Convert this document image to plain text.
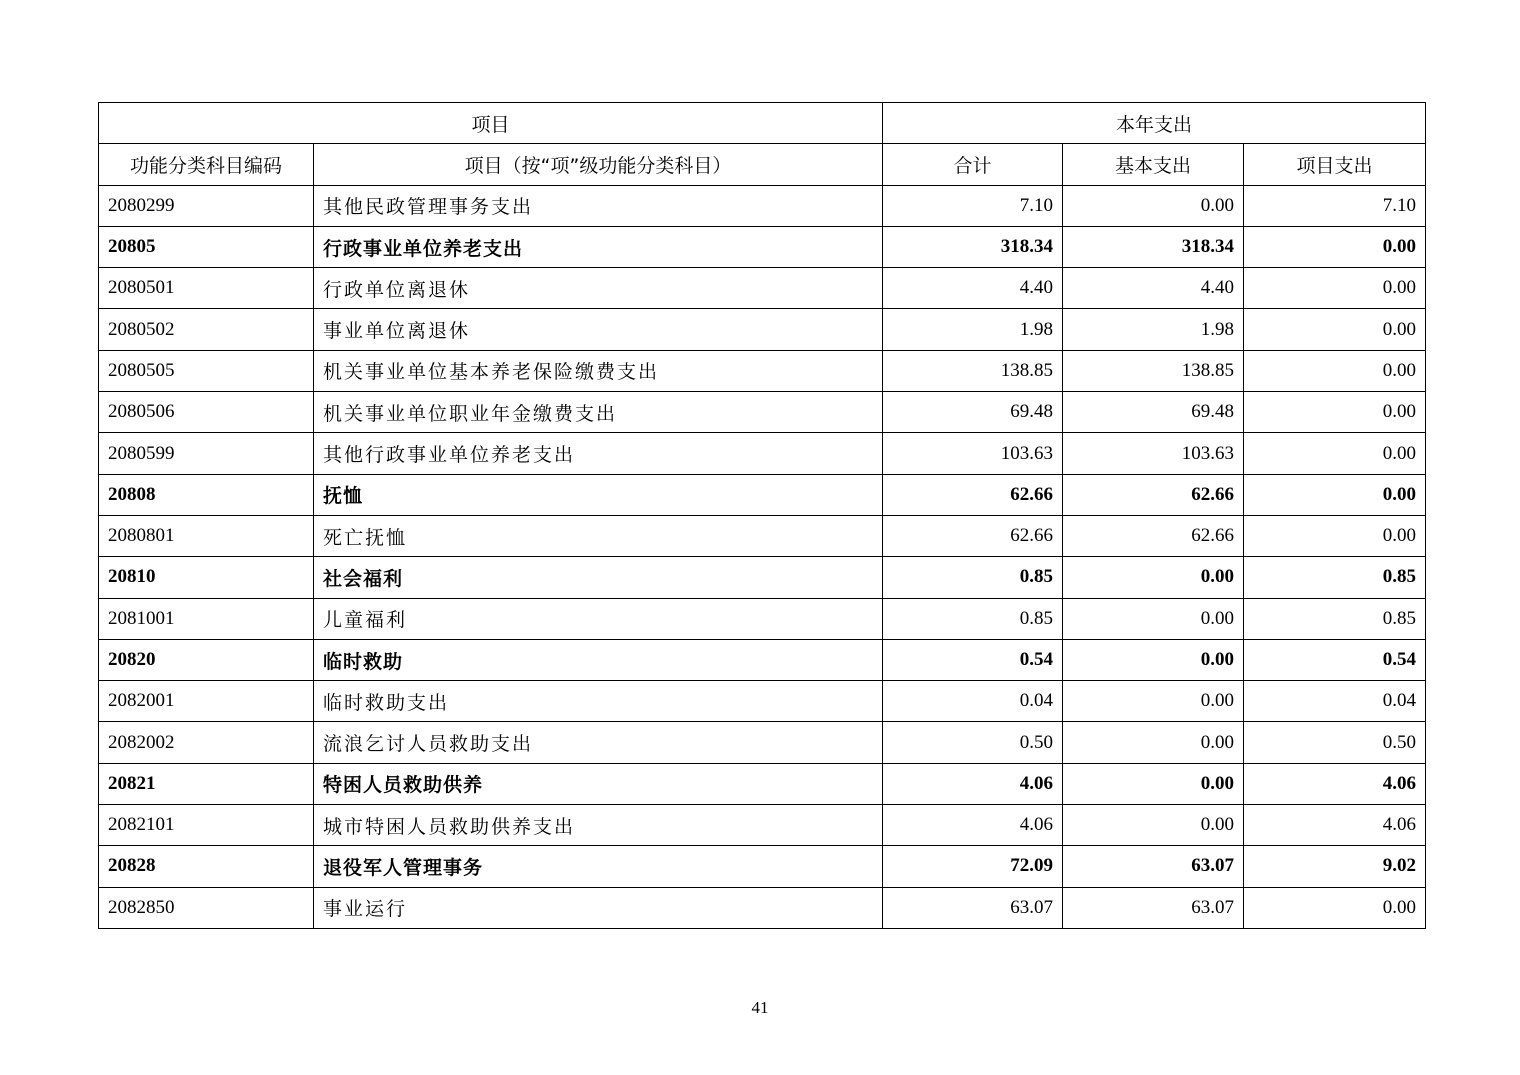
项目		本年支出		
功能分类科目编码	项目（按“项”级功能分类科目）	合计	基本支出	项目支出
2080299	其他民政管理事务支出	7.10	0.00	7.10
20805	行政事业单位养老支出	318.34	318.34	0.00
2080501	行政单位离退休	4.40	4.40	0.00
2080502	事业单位离退休	1.98	1.98	0.00
2080505	机关事业单位基本养老保险缴费支出	138.85	138.85	0.00
2080506	机关事业单位职业年金缴费支出	69.48	69.48	0.00
2080599	其他行政事业单位养老支出	103.63	103.63	0.00
20808	抚恤	62.66	62.66	0.00
2080801	死亡抚恤	62.66	62.66	0.00
20810	社会福利	0.85	0.00	0.85
2081001	儿童福利	0.85	0.00	0.85
20820	临时救助	0.54	0.00	0.54
2082001	临时救助支出	0.04	0.00	0.04
2082002	流浪乞讨人员救助支出	0.50	0.00	0.50
20821	特困人员救助供养	4.06	0.00	4.06
2082101	城市特困人员救助供养支出	4.06	0.00	4.06
20828	退役军人管理事务	72.09	63.07	9.02
2082850	事业运行	63.07	63.07	0.00
41
